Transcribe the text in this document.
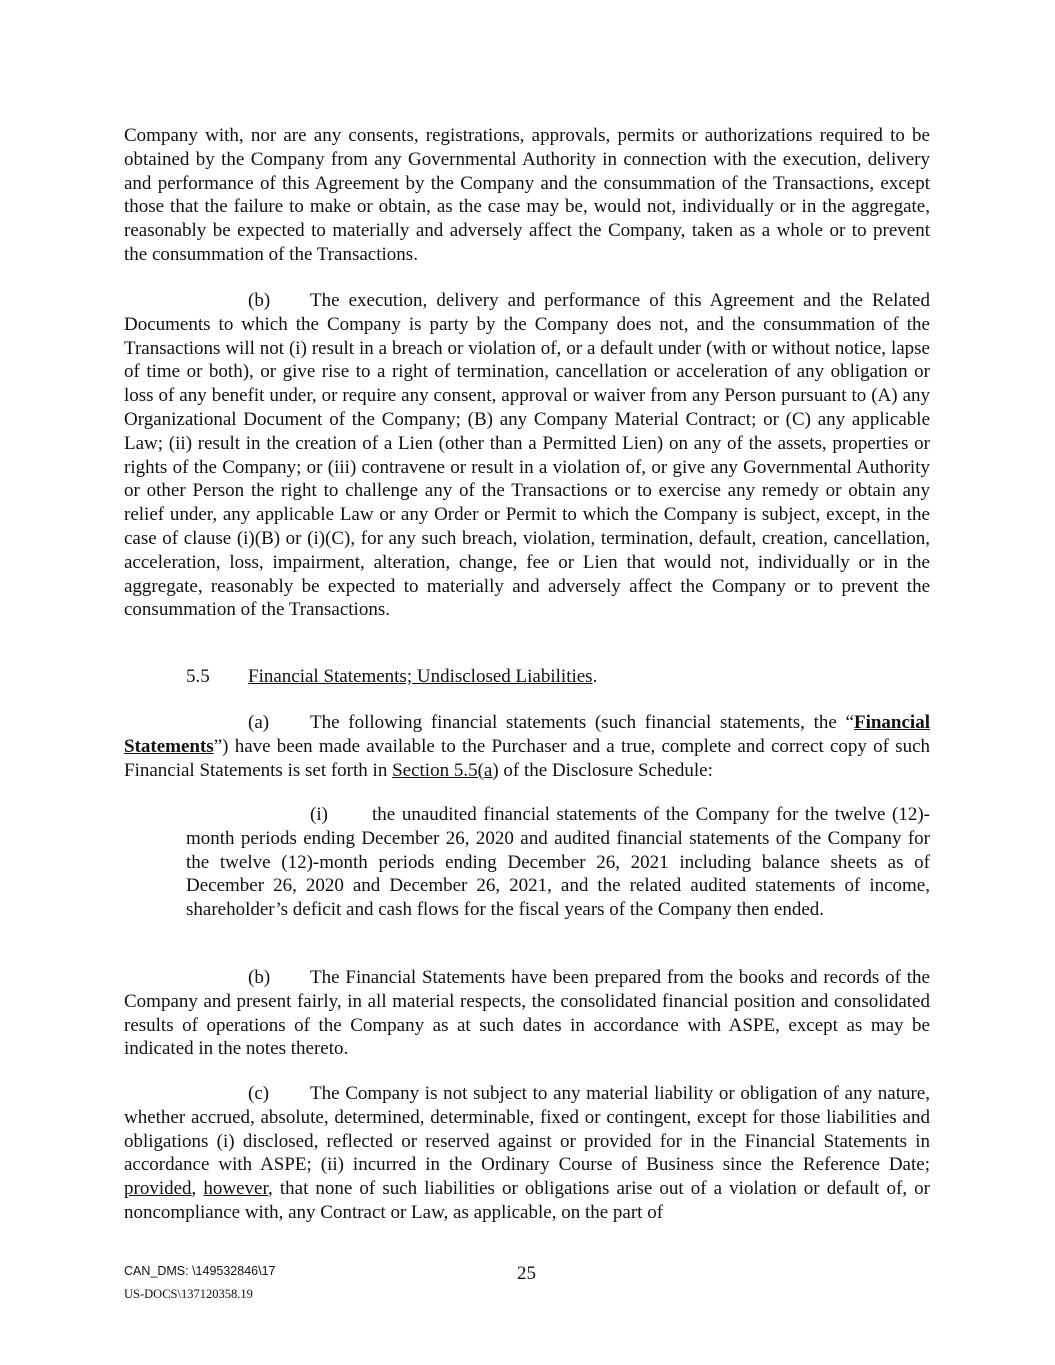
Company with, nor are any consents, registrations, approvals, permits or authorizations required to be obtained by the Company from any Governmental Authority in connection with the execution, delivery and performance of this Agreement by the Company and the consummation of the Transactions, except those that the failure to make or obtain, as the case may be, would not, individually or in the aggregate, reasonably be expected to materially and adversely affect the Company, taken as a whole or to prevent the consummation of the Transactions.

(b) The execution, delivery and performance of this Agreement and the Related Documents to which the Company is party by the Company does not, and the consummation of the Transactions will not (i) result in a breach or violation of, or a default under (with or without notice, lapse of time or both), or give rise to a right of termination, cancellation or acceleration of any obligation or loss of any benefit under, or require any consent, approval or waiver from any Person pursuant to (A) any Organizational Document of the Company; (B) any Company Material Contract; or (C) any applicable Law; (ii) result in the creation of a Lien (other than a Permitted Lien) on any of the assets, properties or rights of the Company; or (iii) contravene or result in a violation of, or give any Governmental Authority or other Person the right to challenge any of the Transactions or to exercise any remedy or obtain any relief under, any applicable Law or any Order or Permit to which the Company is subject, except, in the case of clause (i)(B) or (i)(C), for any such breach, violation, termination, default, creation, cancellation, acceleration, loss, impairment, alteration, change, fee or Lien that would not, individually or in the aggregate, reasonably be expected to materially and adversely affect the Company or to prevent the consummation of the Transactions.

5.5 Financial Statements; Undisclosed Liabilities.

(a) The following financial statements (such financial statements, the “Financial Statements”) have been made available to the Purchaser and a true, complete and correct copy of such Financial Statements is set forth in Section 5.5(a) of the Disclosure Schedule:

(i) the unaudited financial statements of the Company for the twelve (12)-month periods ending December 26, 2020 and audited financial statements of the Company for the twelve (12)-month periods ending December 26, 2021 including balance sheets as of December 26, 2020 and December 26, 2021, and the related audited statements of income, shareholder’s deficit and cash flows for the fiscal years of the Company then ended.

(b) The Financial Statements have been prepared from the books and records of the Company and present fairly, in all material respects, the consolidated financial position and consolidated results of operations of the Company as at such dates in accordance with ASPE, except as may be indicated in the notes thereto.

(c) The Company is not subject to any material liability or obligation of any nature, whether accrued, absolute, determined, determinable, fixed or contingent, except for those liabilities and obligations (i) disclosed, reflected or reserved against or provided for in the Financial Statements in accordance with ASPE; (ii) incurred in the Ordinary Course of Business since the Reference Date; provided, however, that none of such liabilities or obligations arise out of a violation or default of, or noncompliance with, any Contract or Law, as applicable, on the part of

CAN_DMS: \149532846\17
US-DOCS\137120358.19
25
